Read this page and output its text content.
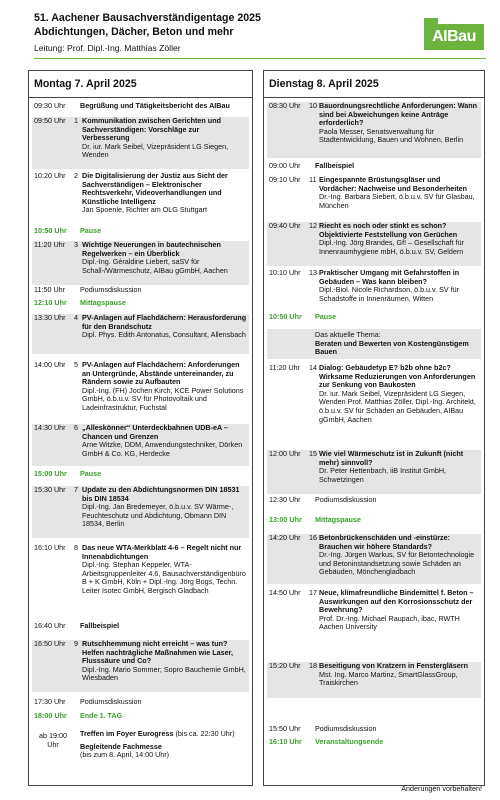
51. Aachener Bausachverständigentage 2025
Abdichtungen, Dächer, Beton und mehr
Leitung: Prof. Dipl.-Ing. Matthias Zöller
AIBau
Montag 7. April 2025
09:30 Uhr	Begrüßung und Tätigkeitsbericht des AIBau
09:50 Uhr	1 Kommunikation zwischen Gerichten und Sachverständigen: Vorschläge zur Verbesserung
Dr. iur. Mark Seibel, Vizepräsident LG Siegen, Wenden
10:20 Uhr	2 Die Digitalisierung der Justiz aus Sicht der Sachverständigen – Elektronischer Rechtsverkehr, Videoverhandlungen und Künstliche Intelligenz
Jan Spoenle, Richter am OLG Stuttgart
10:50 Uhr	Pause
11:20 Uhr	3 Wichtige Neuerungen in bautechnischen Regelwerken – ein Überblick
Dipl.-Ing. Géraldine Liebert, saSV für Schall-/Wärmeschutz, AIBau gGmbH, Aachen
11:50 Uhr	Podiumsdiskussion
12:10 Uhr	Mittagspause
13:30 Uhr	4 PV-Anlagen auf Flachdächern: Herausforderung für den Brandschutz
Dipl. Phys. Edith Antonatus, Consultant, Allensbach
14:00 Uhr	5 PV-Anlagen auf Flachdächern: Anforderungen an Untergründe, Abstände untereinander, zu Rändern sowie zu Aufbauten
Dipl.-Ing. (FH) Jochen Kirch, KCE Power Solutions GmbH, ö.b.u.v. SV für Photovoltaik und Ladeinfrastruktur, Fuchstal
14:30 Uhr	6 „Alleskönner“ Unterdeckbahnen UDB-eA – Chancen und Grenzen
Arne Witzke, DDM, Anwendungstechniker, Dörken GmbH & Co. KG, Herdecke
15:00 Uhr	Pause
15:30 Uhr	7 Update zu den Abdichtungsnormen DIN 18531 bis DIN 18534
Dipl.-Ing. Jan Bredemeyer, ö.b.u.v. SV Wärme-, Feuchteschutz und Abdichtung, Obmann DIN 18534, Berlin
16:10 Uhr	8 Das neue WTA-Merkblatt 4-6 – Regelt nicht nur Innenabdichtungen
Dipl.-Ing. Stephan Keppeler, WTA-Arbeitsgruppenleiter 4.6, Bausachverständigenbüro B + K GmbH, Köln + Dipl.-Ing. Jörg Bogs, Techn. Leiter Isotec GmbH, Bergisch Gladbach
16:40 Uhr	Fallbeispiel
16:50 Uhr	9 Rutschhemmung nicht erreicht – was tun? Helfen nachträgliche Maßnahmen wie Laser, Flusssäure und Co?
Dipl.-Ing. Mario Sommer; Sopro Bauchemie GmbH, Wiesbaden
17:30 Uhr	Podiumsdiskussion
18:00 Uhr	Ende 1. TAG
ab 19:00 Uhr
Treffen im Foyer Eurogress (bis ca. 22:30 Uhr)
Begleitende Fachmesse
(bis zum 8. April, 14:00 Uhr)
Dienstag 8. April 2025
08:30 Uhr	10 Bauordnungsrechtliche Anforderungen: Wann sind bei Abweichungen keine Anträge erforderlich?
Paola Messer, Senatsverwaltung für Stadtentwicklung, Bauen und Wohnen, Berlin
09:00 Uhr	Fallbeispiel
09:10 Uhr	11 Eingespannte Brüstungsgläser und Vordächer: Nachweise und Besonderheiten
Dr.-Ing. Barbara Siebert, ö.b.u.v. SV für Glasbau, München
09:40 Uhr	12 Riecht es noch oder stinkt es schon? Objektivierte Feststellung von Gerüchen
Dipl.-Ing. Jörg Brandes, Gf! – Gesellschaft für Innenraumhygiene mbH, ö.b.u.v. SV, Geldern
10:10 Uhr	13 Praktischer Umgang mit Gefahrstoffen in Gebäuden – Was kann bleiben?
Dipl.-Biol. Nicole Richardson, ö.b.u.v. SV für Schadstoffe in Innenräumen, Witten
10:50 Uhr	Pause
Das aktuelle Thema:
Beraten und Bewerten von Kostengünstigem Bauen
11:20 Uhr	14 Dialog: Gebäudetyp E? b2b ohne b2c? Wirksame Reduzierungen von Anforderungen zur Senkung von Baukosten
Dr. iur. Mark Seibel, Vizepräsident LG Siegen, Wenden Prof. Matthias Zöller, Dipl.-Ing. Architekt, ö.b.u.v. SV für Schäden an Gebäuden, AIBau gGmbH, Aachen
12:00 Uhr	15 Wie viel Wärmeschutz ist in Zukunft (nicht mehr) sinnvoll?
Dr. Peter Hettenbach, iiB Institut GmbH, Schwetzingen
12:30 Uhr	Podiumsdiskussion
13:00 Uhr	Mittagspause
14:20 Uhr	16 Betonbrückenschäden und -einstürze: Brauchen wir höhere Standards?
Dr.-Ing. Jürgen Warkus, SV für Betontechnologie und Betoninstandsetzung sowie Schäden an Gebäuden, Mönchengladbach
14:50 Uhr	17 Neue, klimafreundliche Bindemittel f. Beton – Auswirkungen auf den Korrosionsschutz der Bewehrung?
Prof. Dr.-Ing. Michael Raupach, ibac, RWTH Aachen University
15:20 Uhr	18 Beseitigung von Kratzern in Fenstergläsern
Mst. Ing. Marco Martinz, SmartGlassGroup, Traiskirchen
15:50 Uhr	Podiumsdiskussion
16:10 Uhr	Veranstaltungsende
Änderungen vorbehalten!
